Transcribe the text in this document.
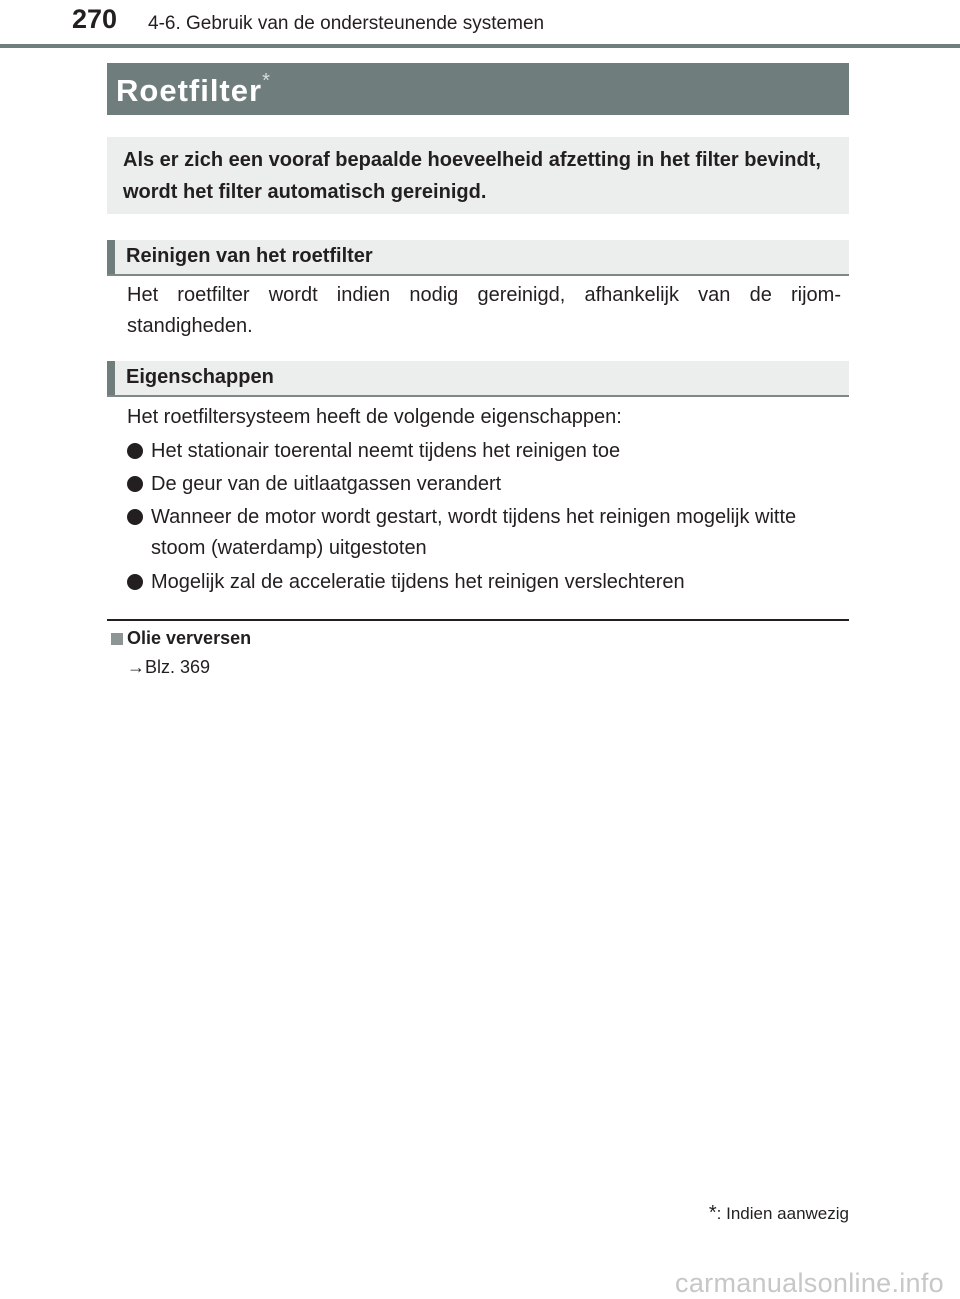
270 4-6. Gebruik van de ondersteunende systemen
Roetfilter*
Als er zich een vooraf bepaalde hoeveelheid afzetting in het filter bevindt, wordt het filter automatisch gereinigd.
Reinigen van het roetfilter
Het roetfilter wordt indien nodig gereinigd, afhankelijk van de rijom-standigheden.
Eigenschappen
Het roetfiltersysteem heeft de volgende eigenschappen:
Het stationair toerental neemt tijdens het reinigen toe
De geur van de uitlaatgassen verandert
Wanneer de motor wordt gestart, wordt tijdens het reinigen mogelijk witte stoom (waterdamp) uitgestoten
Mogelijk zal de acceleratie tijdens het reinigen verslechteren
Olie verversen
→Blz. 369
*: Indien aanwezig
carmanualsonline.info
